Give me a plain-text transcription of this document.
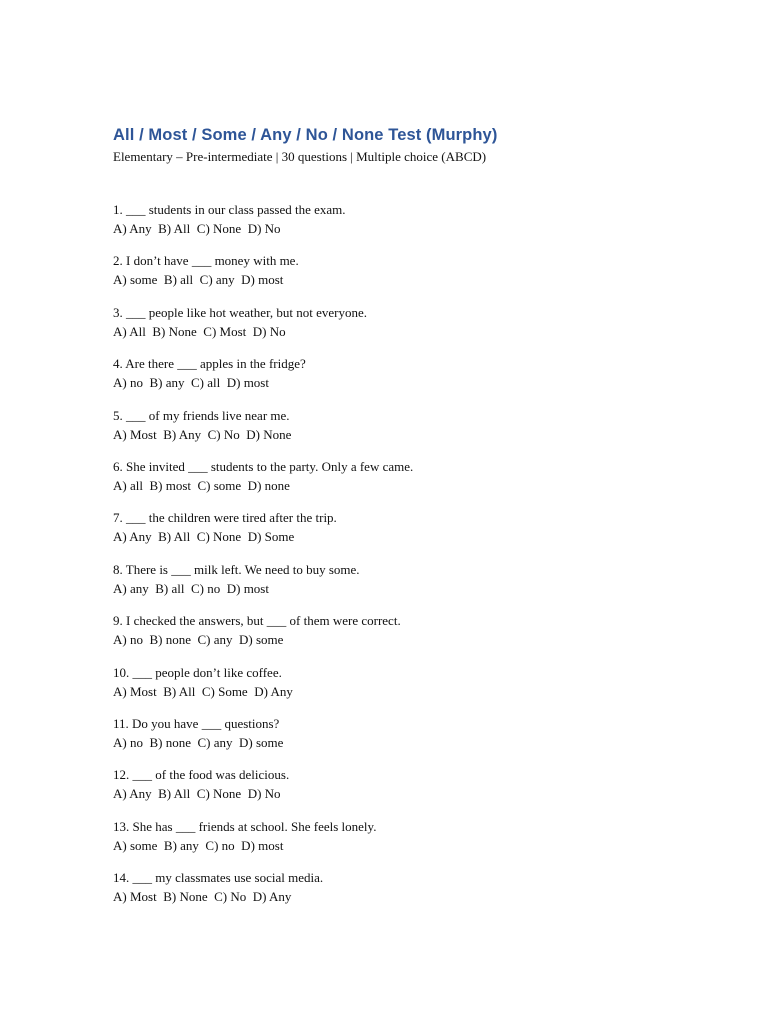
All / Most / Some / Any / No / None Test (Murphy)
Elementary – Pre-intermediate | 30 questions | Multiple choice (ABCD)
1. ___ students in our class passed the exam.
A) Any  B) All  C) None  D) No
2. I don’t have ___ money with me.
A) some  B) all  C) any  D) most
3. ___ people like hot weather, but not everyone.
A) All  B) None  C) Most  D) No
4. Are there ___ apples in the fridge?
A) no  B) any  C) all  D) most
5. ___ of my friends live near me.
A) Most  B) Any  C) No  D) None
6. She invited ___ students to the party. Only a few came.
A) all  B) most  C) some  D) none
7. ___ the children were tired after the trip.
A) Any  B) All  C) None  D) Some
8. There is ___ milk left. We need to buy some.
A) any  B) all  C) no  D) most
9. I checked the answers, but ___ of them were correct.
A) no  B) none  C) any  D) some
10. ___ people don’t like coffee.
A) Most  B) All  C) Some  D) Any
11. Do you have ___ questions?
A) no  B) none  C) any  D) some
12. ___ of the food was delicious.
A) Any  B) All  C) None  D) No
13. She has ___ friends at school. She feels lonely.
A) some  B) any  C) no  D) most
14. ___ my classmates use social media.
A) Most  B) None  C) No  D) Any
